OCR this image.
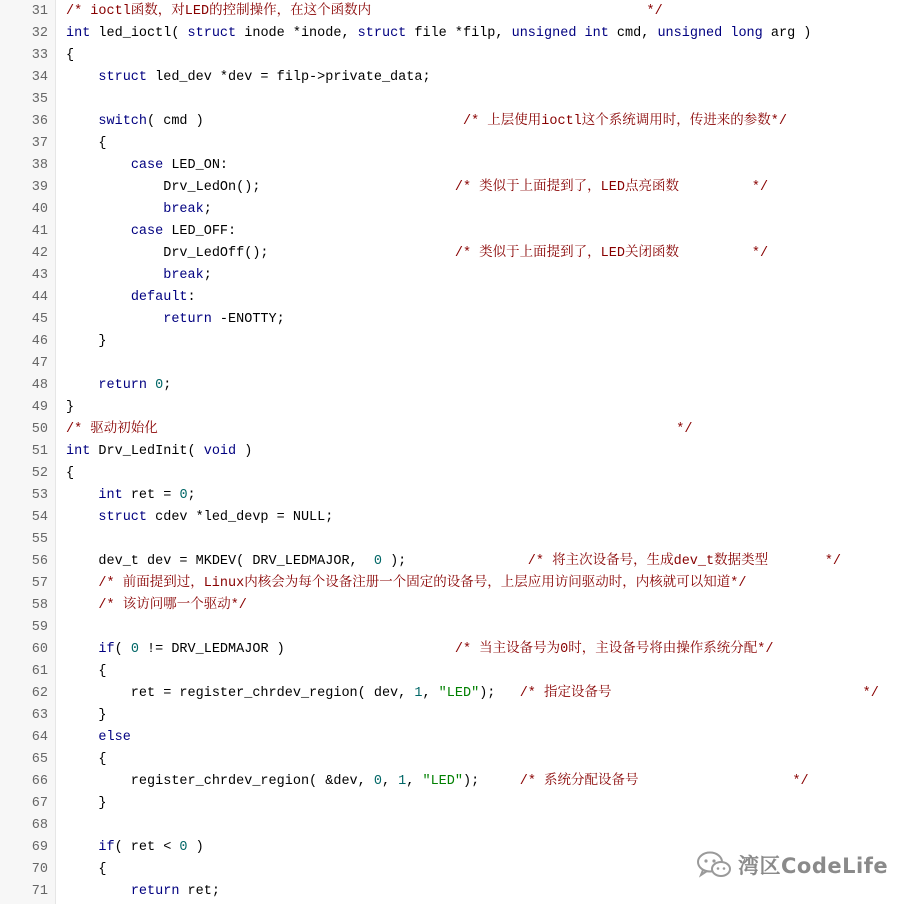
31 /* ioctl函数，对LED的控制操作，在这个函数内                                  */
32 int led_ioctl( struct inode *inode, struct file *filp, unsigned int cmd, unsigned long arg )
33 {
34	struct led_dev *dev = filp->private_data;
35
36	switch( cmd )                                /* 上层使用ioctl这个系统调用时，传进来的参数*/
37 {
38	case LED_ON:
39 Drv_LedOn();                        /* 类似于上面提到了，LED点亮函数         */
40	break;
41	case LED_OFF:
42 Drv_LedOff();                       /* 类似于上面提到了，LED关闭函数         */
43	break;
44	default:
45	return -ENOTTY;
46 }
47
48	return 0;
49 }
50 /* 驱动初始化                                                                */
51 int Drv_LedInit( void )
52 {
53	int ret = 0;
54	struct cdev *led_devp = NULL;
55
56 dev_t dev = MKDEV( DRV_LEDMAJOR,  0 );               /* 将主次设备号，生成dev_t数据类型       */
57	/* 前面提到过，Linux内核会为每个设备注册一个固定的设备号，上层应用访问驱动时，内核就可以知道*/
58	/* 该访问哪一个驱动*/
59
60	if( 0 != DRV_LEDMAJOR )                     /* 当主设备号为0时，主设备号将由操作系统分配*/
61 {
62 ret = register_chrdev_region( dev, 1, "LED");   /* 指定设备号                               */
63 }
64	else
65 {
66 register_chrdev_region( &dev, 0, 1, "LED");     /* 系统分配设备号                   */
67 }
68
69	if( ret < 0 )
70 {
71	return ret;
湾区CodeLife
